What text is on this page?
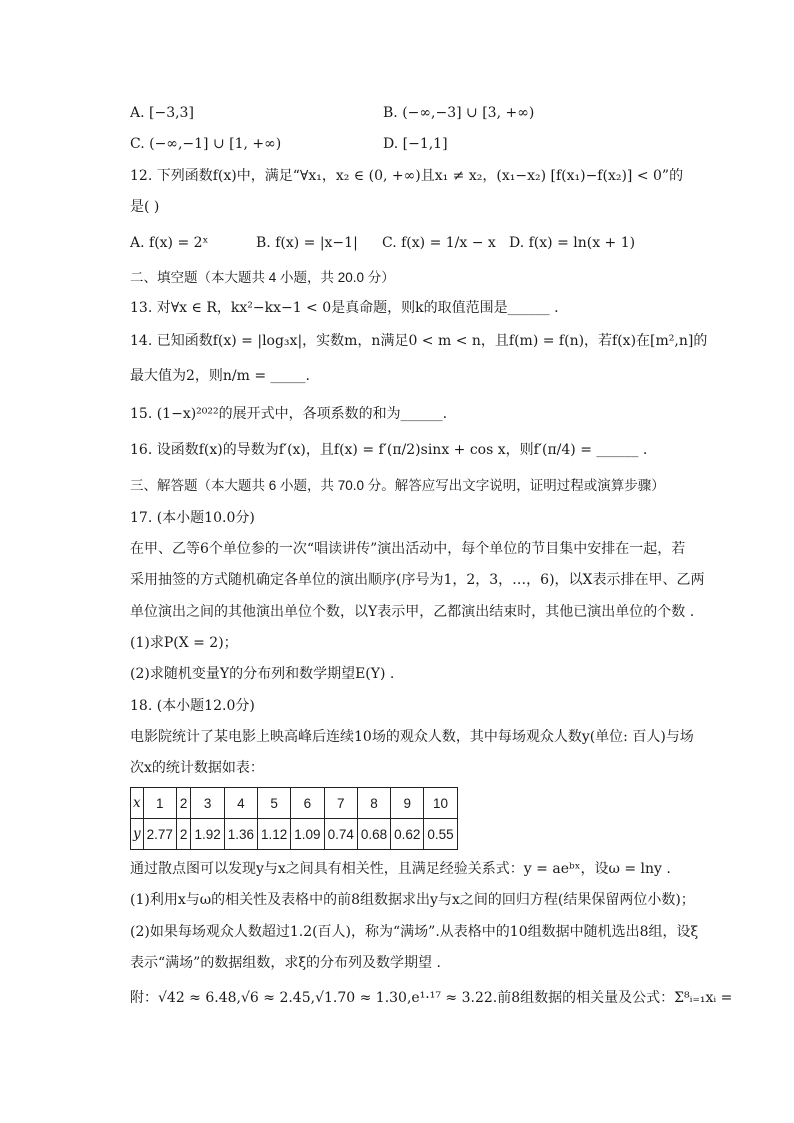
A. [−3,3]	B. (−∞,−3] ∪ [3, +∞)
C. (−∞,−1] ∪ [1, +∞)	D. [−1,1]
12. 下列函数f(x)中，满足“∀x₁，x₂ ∈ (0, +∞)且x₁ ≠ x₂，(x₁−x₂) [f(x₁)−f(x₂)] < 0”的
是( )
A. f(x) = 2ˣ	B. f(x) = |x−1| C. f(x) = 1/x − x D. f(x) = ln(x + 1)
二、填空题（本大题共 4 小题，共 20.0 分）
13. 对∀x ∈ R，kx²−kx−1 < 0是真命题，则k的取值范围是______ .
14. 已知函数f(x) = |log₃x|，实数m，n满足0 < m < n，且f(m) = f(n)，若f(x)在[m²,n]的
最大值为2，则n/m = _____.
15. (1−x)²⁰²²的展开式中，各项系数的和为______.
16. 设函数f(x)的导数为f′(x)，且f(x) = f′(π/2)sinx + cos x，则f′(π/4) = ______ .
三、解答题（本大题共 6 小题，共 70.0 分。解答应写出文字说明，证明过程或演算步骤）
17. (本小题10.0分)
在甲、乙等6个单位参的一次“唱读讲传”演出活动中，每个单位的节目集中安排在一起，若
采用抽签的方式随机确定各单位的演出顺序(序号为1，2，3，…，6)，以X表示排在甲、乙两
单位演出之间的其他演出单位个数，以Y表示甲，乙都演出结束时，其他已演出单位的个数 .
(1)求P(X = 2)；
(2)求随机变量Y的分布列和数学期望E(Y) .
18. (本小题12.0分)
电影院统计了某电影上映高峰后连续10场的观众人数，其中每场观众人数y(单位: 百人)与场
次x的统计数据如表：
x	1	2	3	4	5	6	7	8	9	10
y	2.77	2	1.92	1.36	1.12	1.09	0.74	0.68	0.62	0.55
通过散点图可以发现y与x之间具有相关性，且满足经验关系式：y = aeᵇˣ，设ω = lny .
(1)利用x与ω的相关性及表格中的前8组数据求出y与x之间的回归方程(结果保留两位小数)；
(2)如果每场观众人数超过1.2(百人)，称为“满场”.从表格中的10组数据中随机选出8组，设ξ
表示“满场”的数据组数，求ξ的分布列及数学期望 .
附：√42 ≈ 6.48,√6 ≈ 2.45,√1.70 ≈ 1.30,e¹·¹⁷ ≈ 3.22.前8组数据的相关量及公式：Σ⁸ᵢ₌₁xᵢ =
